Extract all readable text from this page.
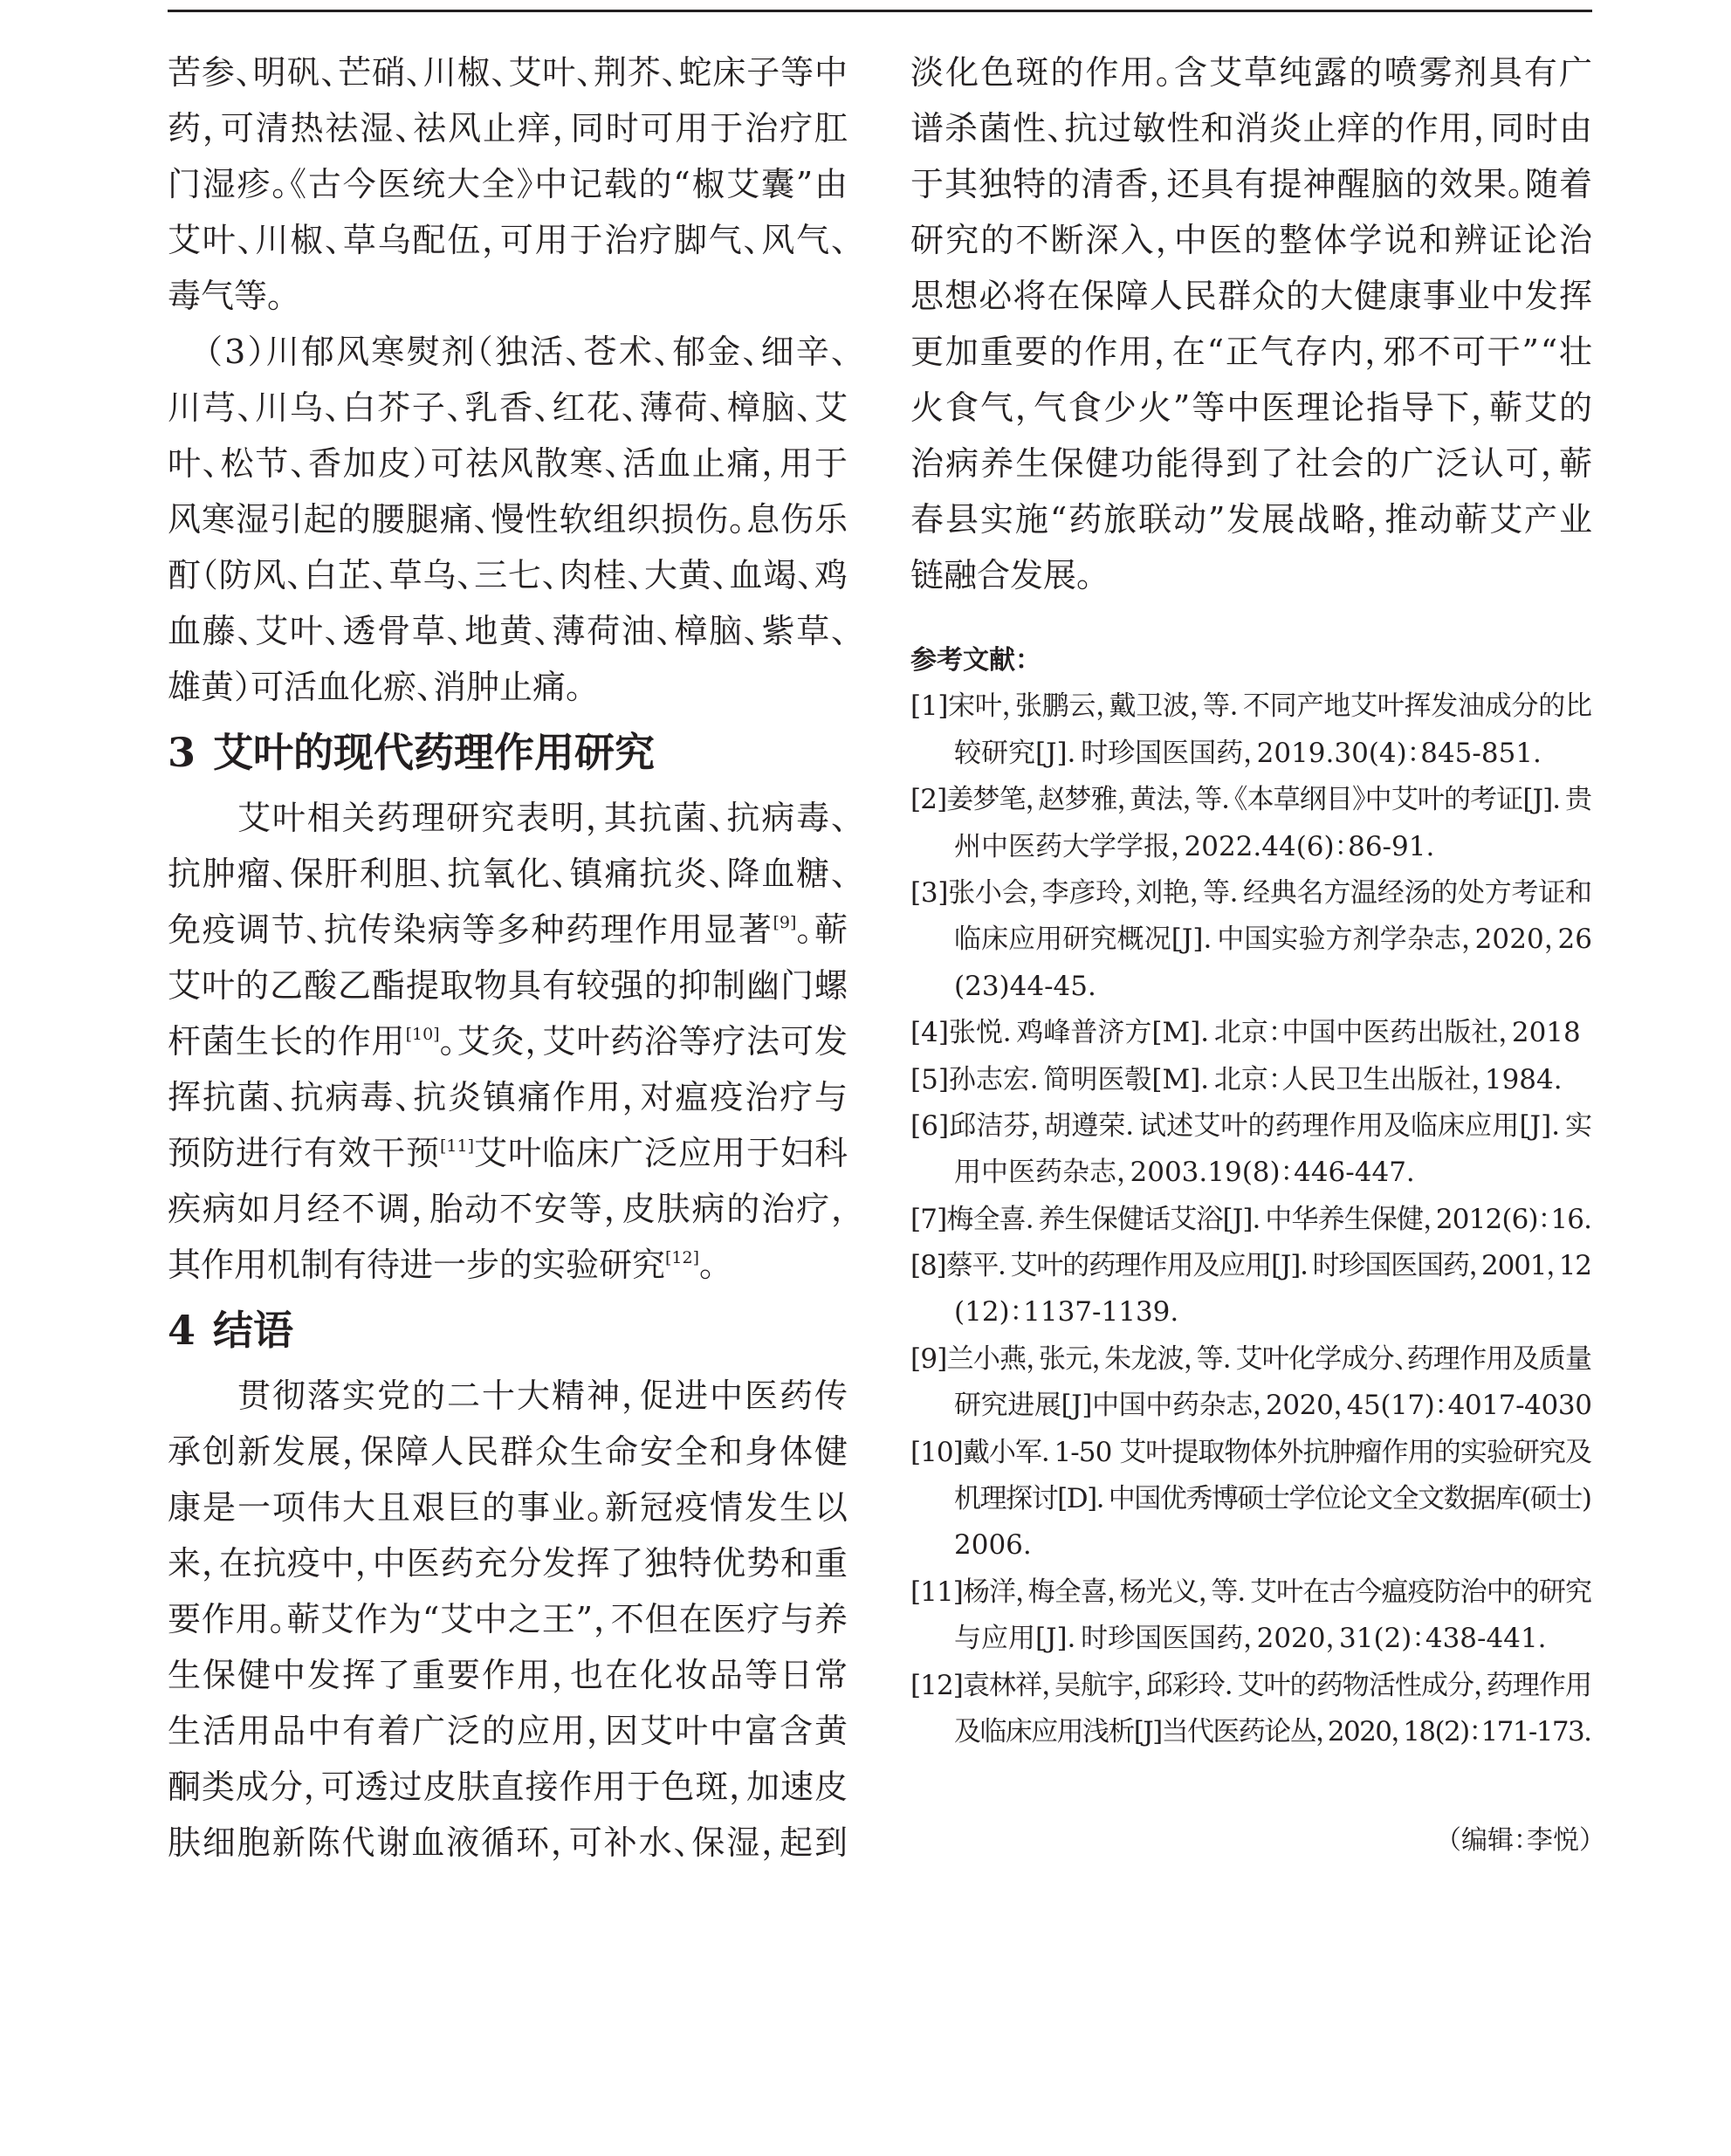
苦参、明矾、芒硝、川椒、艾叶、荆芥、蛇床子等中
药，可清热祛湿、祛风止痒，同时可用于治疗肛
门湿疹。《古今医统大全》中记载的“椒艾囊”由
艾叶、川椒、草乌配伍，可用于治疗脚气、风气、
毒气等。
（3）川郁风寒熨剂（独活、苍术、郁金、细辛、
川芎、川乌、白芥子、乳香、红花、薄荷、樟脑、艾
叶、松节、香加皮）可祛风散寒、活血止痛，用于
风寒湿引起的腰腿痛、慢性软组织损伤。息伤乐
酊（防风、白芷、草乌、三七、肉桂、大黄、血竭、鸡
血藤、艾叶、透骨草、地黄、薄荷油、樟脑、紫草、
雄黄）可活血化瘀、消肿止痛。
3 艾叶的现代药理作用研究
艾叶相关药理研究表明，其抗菌、抗病毒、
抗肿瘤、保肝利胆、抗氧化、镇痛抗炎、降血糖、
免疫调节、抗传染病等多种药理作用显著[9]。蕲
艾叶的乙酸乙酯提取物具有较强的抑制幽门螺
杆菌生长的作用[10]。艾灸，艾叶药浴等疗法可发
挥抗菌、抗病毒、抗炎镇痛作用，对瘟疫治疗与
预防进行有效干预[11]艾叶临床广泛应用于妇科
疾病如月经不调，胎动不安等，皮肤病的治疗，
其作用机制有待进一步的实验研究[12]。
4 结语
贯彻落实党的二十大精神，促进中医药传
承创新发展，保障人民群众生命安全和身体健
康是一项伟大且艰巨的事业。新冠疫情发生以
来，在抗疫中，中医药充分发挥了独特优势和重
要作用。蕲艾作为“艾中之王”，不但在医疗与养
生保健中发挥了重要作用，也在化妆品等日常
生活用品中有着广泛的应用，因艾叶中富含黄
酮类成分，可透过皮肤直接作用于色斑，加速皮
肤细胞新陈代谢血液循环，可补水、保湿，起到
淡化色斑的作用。含艾草纯露的喷雾剂具有广
谱杀菌性、抗过敏性和消炎止痒的作用，同时由
于其独特的清香，还具有提神醒脑的效果。随着
研究的不断深入，中医的整体学说和辨证论治
思想必将在保障人民群众的大健康事业中发挥
更加重要的作用，在“正气存内，邪不可干”“壮
火食气，气食少火”等中医理论指导下，蕲艾的
治病养生保健功能得到了社会的广泛认可，蕲
春县实施“药旅联动”发展战略，推动蕲艾产业
链融合发展。
参考文献：
[1]宋叶，张鹏云，戴卫波，等．不同产地艾叶挥发油成分的比
较研究[J]．时珍国医国药，2019.30(4)：845-851.
[2]姜梦笔，赵梦雅，黄法，等．《本草纲目》中艾叶的考证[J]．贵
州中医药大学学报，2022.44(6)：86-91.
[3]张小会，李彦玲，刘艳，等．经典名方温经汤的处方考证和
临床应用研究概况[J]．中国实验方剂学杂志，2020，26
(23)44-45.
[4]张悦．鸡峰普济方[M]．北京：中国中医药出版社，2018
[5]孙志宏．简明医彀[M]．北京：人民卫生出版社，1984.
[6]邱洁芬，胡遵荣．试述艾叶的药理作用及临床应用[J]．实
用中医药杂志，2003.19(8)：446-447.
[7]梅全喜．养生保健话艾浴[J]．中华养生保健，2012(6)：16.
[8]蔡平．艾叶的药理作用及应用[J]．时珍国医国药，2001，12
(12)：1137-1139.
[9]兰小燕，张元，朱龙波，等．艾叶化学成分、药理作用及质量
研究进展[J]中国中药杂志，2020，45(17)：4017-4030
[10]戴小军．1-50 艾叶提取物体外抗肿瘤作用的实验研究及
机理探讨[D]．中国优秀博硕士学位论文全文数据库(硕士)
2006.
[11]杨洋，梅全喜，杨光义，等．艾叶在古今瘟疫防治中的研究
与应用[J]．时珍国医国药，2020，31(2)：438-441.
[12]袁林祥，吴航宇，邱彩玲．艾叶的药物活性成分，药理作用
及临床应用浅析[J]当代医药论丛，2020，18(2)：171-173.
（编辑：李悦）
